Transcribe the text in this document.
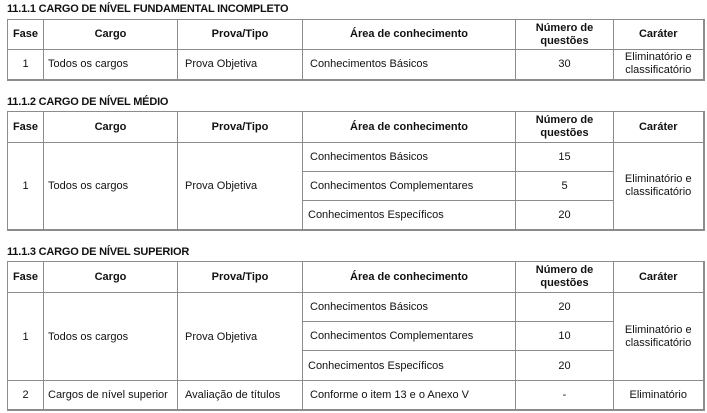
11.1.1 CARGO DE NÍVEL FUNDAMENTAL INCOMPLETO
Fase	Cargo	Prova/Tipo	Área de conhecimento	Número de questões	Caráter
1	Todos os cargos	Prova Objetiva	Conhecimentos Básicos	30	Eliminatório e classificatório
11.1.2 CARGO DE NÍVEL MÉDIO
Fase	Cargo	Prova/Tipo	Área de conhecimento	Número de questões	Caráter
1	Todos os cargos	Prova Objetiva	Conhecimentos Básicos	15	Eliminatório e classificatório
			Conhecimentos Complementares	5	
			Conhecimentos Específicos	20	
11.1.3 CARGO DE NÍVEL SUPERIOR
Fase	Cargo	Prova/Tipo	Área de conhecimento	Número de questões	Caráter
1	Todos os cargos	Prova Objetiva	Conhecimentos Básicos	20	Eliminatório e classificatório
			Conhecimentos Complementares	10	
			Conhecimentos Específicos	20	
2	Cargos de nível superior	Avaliação de títulos	Conforme o item 13 e o Anexo V	-	Eliminatório
